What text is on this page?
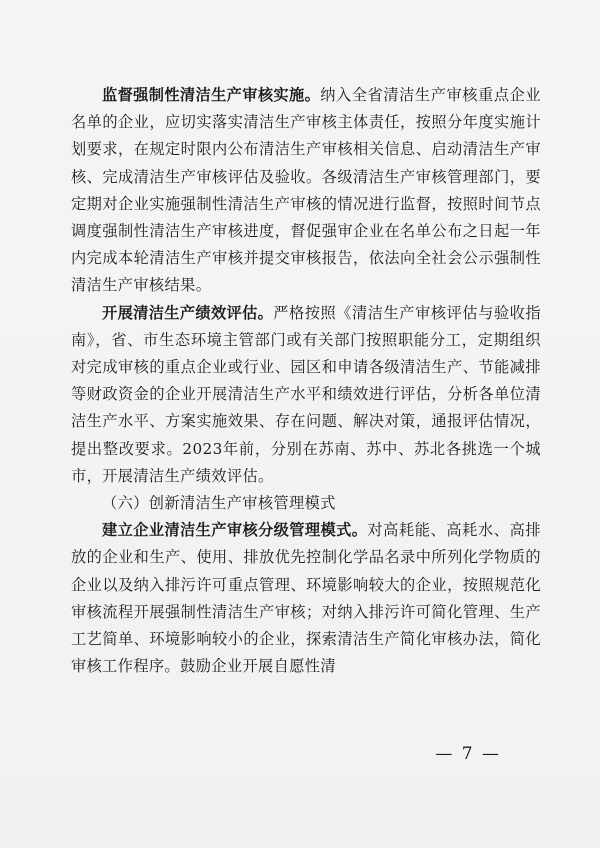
监督强制性清洁生产审核实施。纳入全省清洁生产审核重点企业名单的企业，应切实落实清洁生产审核主体责任，按照分年度实施计划要求，在规定时限内公布清洁生产审核相关信息、启动清洁生产审核、完成清洁生产审核评估及验收。各级清洁生产审核管理部门，要定期对企业实施强制性清洁生产审核的情况进行监督，按照时间节点调度强制性清洁生产审核进度，督促强审企业在名单公布之日起一年内完成本轮清洁生产审核并提交审核报告，依法向全社会公示强制性清洁生产审核结果。

开展清洁生产绩效评估。严格按照《清洁生产审核评估与验收指南》，省、市生态环境主管部门或有关部门按照职能分工，定期组织对完成审核的重点企业或行业、园区和申请各级清洁生产、节能减排等财政资金的企业开展清洁生产水平和绩效进行评估，分析各单位清洁生产水平、方案实施效果、存在问题、解决对策，通报评估情况，提出整改要求。2023年前，分别在苏南、苏中、苏北各挑选一个城市，开展清洁生产绩效评估。

（六）创新清洁生产审核管理模式

建立企业清洁生产审核分级管理模式。对高耗能、高耗水、高排放的企业和生产、使用、排放优先控制化学品名录中所列化学物质的企业以及纳入排污许可重点管理、环境影响较大的企业，按照规范化审核流程开展强制性清洁生产审核；对纳入排污许可简化管理、生产工艺简单、环境影响较小的企业，探索清洁生产简化审核办法，简化审核工作程序。鼓励企业开展自愿性清

— 7 —
